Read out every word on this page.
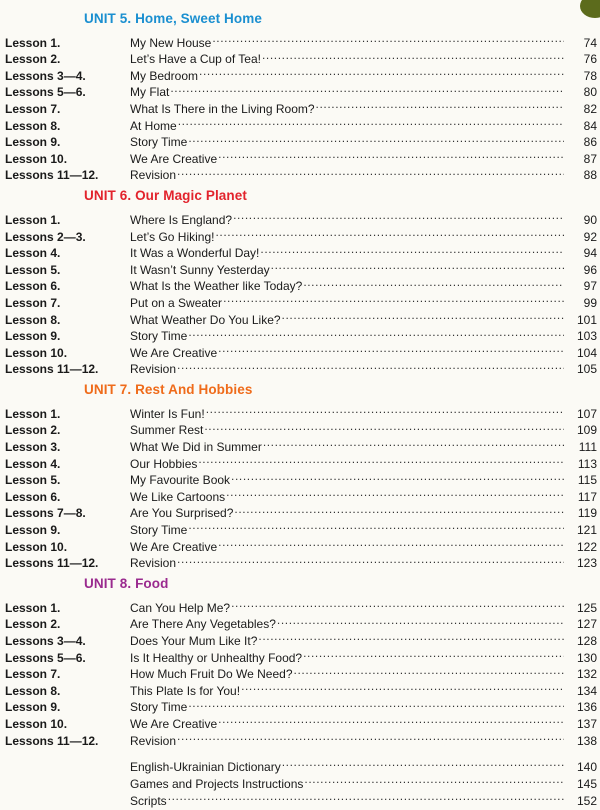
UNIT 5. Home, Sweet Home
Lesson 1.	My New House .....	74
Lesson 2.	Let’s Have a Cup of Tea! .....	76
Lessons 3—4.	My Bedroom .....	78
Lessons 5—6.	My Flat .....	80
Lesson 7.	What Is There in the Living Room? .....	82
Lesson 8.	At Home .....	84
Lesson 9.	Story Time .....	86
Lesson 10.	We Are Creative .....	87
Lessons 11—12.	Revision .....	88
UNIT 6. Our Magic Planet
Lesson 1.	Where Is England? .....	90
Lessons 2—3.	Let’s Go Hiking! .....	92
Lesson 4.	It Was a Wonderful Day! .....	94
Lesson 5.	It Wasn’t Sunny Yesterday .....	96
Lesson 6.	What Is the Weather like Today? .....	97
Lesson 7.	Put on a Sweater .....	99
Lesson 8.	What Weather Do You Like? .....	101
Lesson 9.	Story Time .....	103
Lesson 10.	We Are Creative .....	104
Lessons 11—12.	Revision .....	105
UNIT 7. Rest And Hobbies
Lesson 1.	Winter Is Fun! .....	107
Lesson 2.	Summer Rest .....	109
Lesson 3.	What We Did in Summer .....	111
Lesson 4.	Our Hobbies .....	113
Lesson 5.	My Favourite Book .....	115
Lesson 6.	We Like Cartoons .....	117
Lessons 7—8.	Are You Surprised? .....	119
Lesson 9.	Story Time .....	121
Lesson 10.	We Are Creative .....	122
Lessons 11—12.	Revision .....	123
UNIT 8. Food
Lesson 1.	Can You Help Me? .....	125
Lesson 2.	Are There Any Vegetables? .....	127
Lessons 3—4.	Does Your Mum Like It? .....	128
Lessons 5—6.	Is It Healthy or Unhealthy Food? .....	130
Lesson 7.	How Much Fruit Do We Need? .....	132
Lesson 8.	This Plate Is for You! .....	134
Lesson 9.	Story Time .....	136
Lesson 10.	We Are Creative .....	137
Lessons 11—12.	Revision .....	138
English-Ukrainian Dictionary .....	140
Games and Projects Instructions .....	145
Scripts .....	152
